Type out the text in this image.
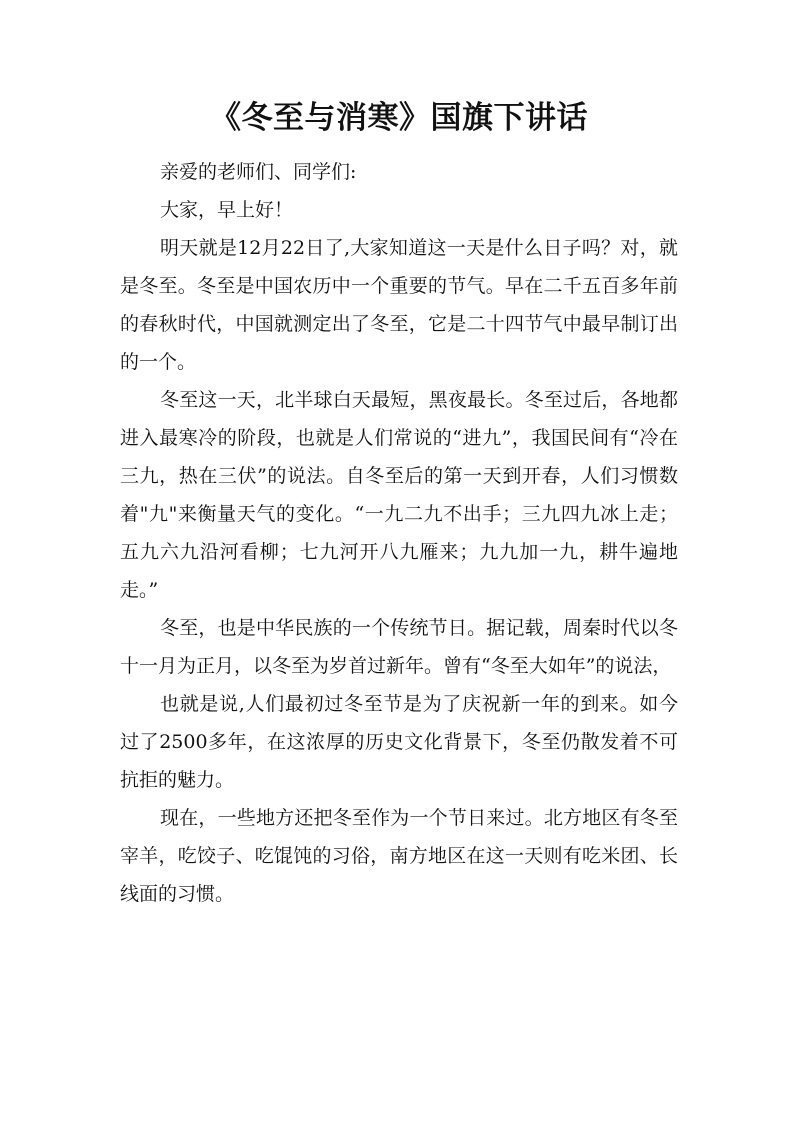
《冬至与消寒》国旗下讲话

亲爱的老师们、同学们:

大家，早上好！

明天就是12月22日了,大家知道这一天是什么日子吗？对，就是冬至。冬至是中国农历中一个重要的节气。早在二千五百多年前的春秋时代，中国就测定出了冬至，它是二十四节气中最早制订出的一个。

冬至这一天，北半球白天最短，黑夜最长。冬至过后，各地都进入最寒冷的阶段，也就是人们常说的“进九”，我国民间有“冷在三九，热在三伏”的说法。自冬至后的第一天到开春，人们习惯数着"九"来衡量天气的变化。“一九二九不出手；三九四九冰上走；五九六九沿河看柳；七九河开八九雁来；九九加一九，耕牛遍地走。”

冬至，也是中华民族的一个传统节日。据记载，周秦时代以冬十一月为正月，以冬至为岁首过新年。曾有“冬至大如年”的说法，

也就是说,人们最初过冬至节是为了庆祝新一年的到来。如今过了2500多年，在这浓厚的历史文化背景下，冬至仍散发着不可抗拒的魅力。

现在，一些地方还把冬至作为一个节日来过。北方地区有冬至宰羊，吃饺子、吃馄饨的习俗，南方地区在这一天则有吃米团、长线面的习惯。
